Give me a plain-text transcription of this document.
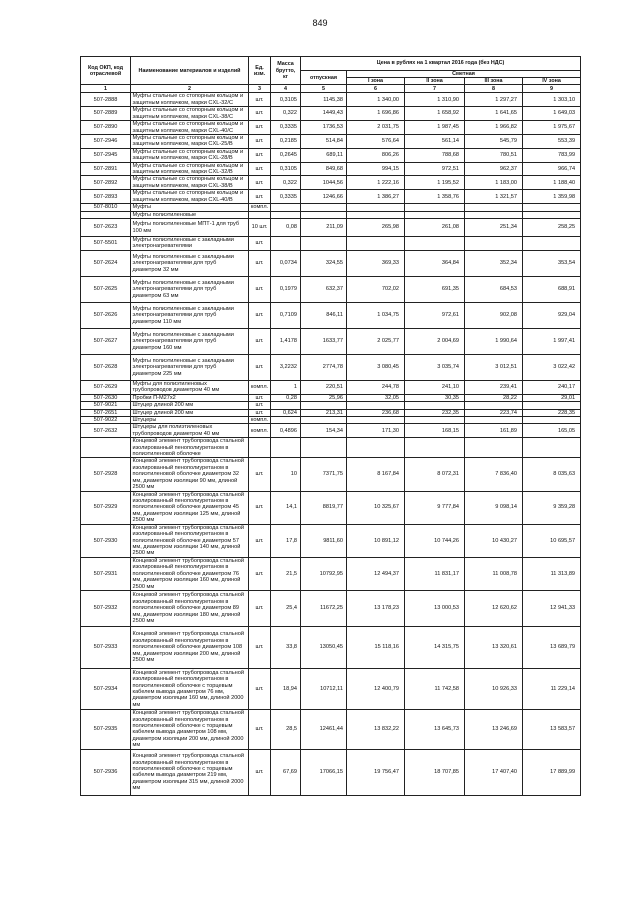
849
Код ОКП, код отраслевой	Наименование материалов и изделий	Ед. изм.	Масса брутто, кг	Цена в рублях на 1 квартал 2016 года (без НДС)				
				отпускная	Сметная			
					I зона	II зона	III зона	IV зона
1	2	3	4	5	6	7	8	9
507-2888	Муфты стальные со стопорным кольцом и защитным колпачком, марки CXL-32/C	шт.	0,3105	1145,38	1 340,00	1 310,90	1 297,27	1 303,10
507-2889	Муфты стальные со стопорным кольцом и защитным колпачком, марки CXL-38/C	шт.	0,322	1449,43	1 696,86	1 658,92	1 641,65	1 649,03
507-2890	Муфты стальные со стопорным кольцом и защитным колпачком, марки CXL-40/C	шт.	0,3335	1736,53	2 031,75	1 987,45	1 966,82	1 975,67
507-2946	Муфты стальные со стопорным кольцом и защитным колпачком, марки CXL-25/B	шт.	0,2185	514,84	576,64	561,14	545,79	553,39
507-2945	Муфты стальные со стопорным кольцом и защитным колпачком, марки CXL-28/B	шт.	0,2645	689,11	806,26	788,68	780,51	783,99
507-2891	Муфты стальные со стопорным кольцом и защитным колпачком, марки CXL-32/B	шт.	0,3105	849,68	994,15	972,51	962,37	966,74
507-2892	Муфты стальные со стопорным кольцом и защитным колпачком, марки CXL-38/B	шт.	0,322	1044,56	1 222,16	1 195,52	1 183,00	1 188,40
507-2893	Муфты стальные со стопорным кольцом и защитным колпачком, марки CXL-40/B	шт.	0,3335	1246,66	1 386,27	1 358,76	1 321,57	1 359,98
507-8010	Муфты	компл.						
	Муфты полиэтиленовые							
507-2623	Муфты полиэтиленовые МПТ-1 для труб 100 мм	10 шт.	0,08	211,09	265,98	261,08	251,34	258,25
507-5501	Муфты полиэтиленовые с закладными электронагревателями	шт.						
507-2624	Муфты полиэтиленовые с закладными электронагревателями для труб диаметром 32 мм	шт.	0,0734	324,55	369,33	364,84	352,34	353,54
507-2625	Муфты полиэтиленовые с закладными электронагревателями для труб диаметром 63 мм	шт.	0,1979	632,37	702,02	691,35	684,53	688,91
507-2626	Муфты полиэтиленовые с закладными электронагревателями для труб диаметром 110 мм	шт.	0,7109	846,11	1 034,75	972,61	902,08	929,04
507-2627	Муфты полиэтиленовые с закладными электронагревателями для труб диаметром 160 мм	шт.	1,4178	1633,77	2 025,77	2 004,69	1 990,64	1 997,41
507-2628	Муфты полиэтиленовые с закладными электронагревателями для труб диаметром 225 мм	шт.	3,2232	2774,78	3 080,45	3 035,74	3 012,51	3 022,42
507-2629	Муфты для полиэтиленовых трубопроводов диаметром 40 мм	компл.	1	220,51	244,78	241,10	239,41	240,17
507-2630	Пробки П-М27х2	шт.	0,28	25,96	32,05	30,35	28,22	29,01
507-9021	Штуцер длиной 200 мм	шт.						
507-2651	Штуцер длиной 200 мм	шт.	0,624	213,31	236,68	232,35	223,74	228,35
507-9022	Штуцеры	компл.						
507-2632	Штуцеры для полиэтиленовых трубопроводов диаметром 40 мм	компл.	0,4896	154,34	171,30	168,15	161,89	165,05
	Концевой элемент трубопровода стальной изолированный пенополиуретаном в полиэтиленовой оболочке							
507-2928	Концевой элемент трубопровода стальной изолированный пенополиуретаном в полиэтиленовой оболочке диаметром 32 мм, диаметром изоляции 90 мм, длиной 2500 мм	шт.	10	7371,75	8 167,84	8 072,31	7 836,40	8 035,63
507-2929	Концевой элемент трубопровода стальной изолированный пенополиуретаном в полиэтиленовой оболочке диаметром 45 мм, диаметром изоляции 125 мм, длиной 2500 мм	шт.	14,1	8819,77	10 325,67	9 777,84	9 098,14	9 359,28
507-2930	Концевой элемент трубопровода стальной изолированный пенополиуретаном в полиэтиленовой оболочке диаметром 57 мм, диаметром изоляции 140 мм, длиной 2500 мм	шт.	17,8	9811,60	10 891,12	10 744,26	10 430,27	10 695,57
507-2931	Концевой элемент трубопровода стальной изолированный пенополиуретаном в полиэтиленовой оболочке диаметром 76 мм, диаметром изоляции 160 мм, длиной 2500 мм	шт.	21,5	10792,95	12 494,37	11 831,17	11 008,78	11 313,89
507-2932	Концевой элемент трубопровода стальной изолированный пенополиуретаном в полиэтиленовой оболочке диаметром 89 мм, диаметром изоляции 180 мм, длиной 2500 мм	шт.	25,4	11672,25	13 178,23	13 000,53	12 620,62	12 941,33
507-2933	Концевой элемент трубопровода стальной изолированный пенополиуретаном в полиэтиленовой оболочке диаметром 108 мм, диаметром изоляции 200 мм, длиной 2500 мм	шт.	33,8	13050,45	15 118,16	14 315,75	13 320,61	13 689,79
507-2934	Концевой элемент трубопровода стальной изолированный пенополиуретаном в полиэтиленовой оболочке с торцевым кабелем вывода диаметром 76 мм, диаметром изоляции 160 мм, длиной 2000 мм	шт.	18,94	10712,11	12 400,79	11 742,58	10 926,33	11 229,14
507-2935	Концевой элемент трубопровода стальной изолированный пенополиуретаном в полиэтиленовой оболочке с торцевым кабелем вывода диаметром 108 мм, диаметром изоляции 200 мм, длиной 2000 мм	шт.	28,5	12461,44	13 832,22	13 645,73	13 246,69	13 583,57
507-2936	Концевой элемент трубопровода стальной изолированный пенополиуретаном в полиэтиленовой оболочке с торцевым кабелем вывода диаметром 219 мм, диаметром изоляции 315 мм, длиной 2000 мм	шт.	67,69	17066,15	19 756,47	18 707,85	17 407,40	17 889,99
